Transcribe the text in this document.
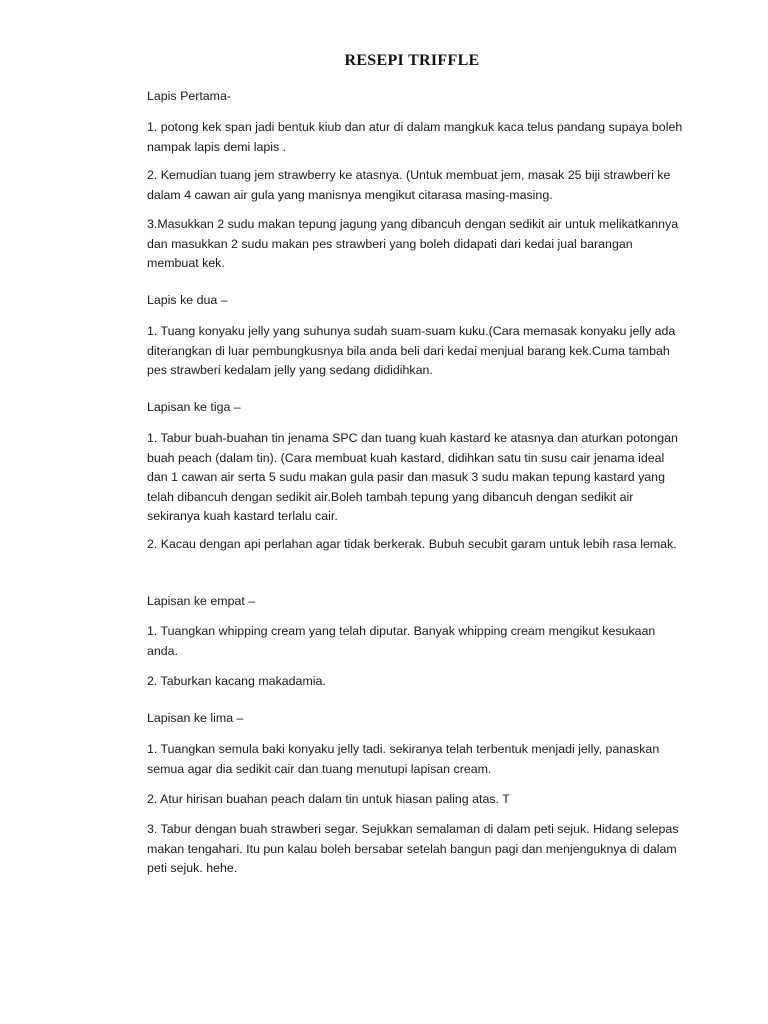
RESEPI TRIFFLE

Lapis Pertama-

1. potong kek span jadi bentuk kiub dan atur di dalam mangkuk kaca telus pandang supaya boleh nampak lapis demi lapis .

2. Kemudian tuang jem strawberry ke atasnya. (Untuk membuat jem, masak 25 biji strawberi ke dalam 4 cawan air gula yang manisnya mengikut citarasa masing-masing.

3.Masukkan 2 sudu makan tepung jagung yang dibancuh dengan sedikit air untuk melikatkannya dan masukkan 2 sudu makan pes strawberi yang boleh didapati dari kedai jual barangan membuat kek.

Lapis ke dua –

1. Tuang konyaku jelly yang suhunya sudah suam-suam kuku.(Cara memasak konyaku jelly ada diterangkan di luar pembungkusnya bila anda beli dari kedai menjual barang kek.Cuma tambah pes strawberi kedalam jelly yang sedang dididihkan.

Lapisan ke tiga –

1. Tabur buah-buahan tin jenama SPC dan tuang kuah kastard ke atasnya dan aturkan potongan buah peach (dalam tin). (Cara membuat kuah kastard, didihkan satu tin susu cair jenama ideal dan 1 cawan air serta 5 sudu makan gula pasir dan masuk 3 sudu makan tepung kastard yang telah dibancuh dengan sedikit air.Boleh tambah tepung yang dibancuh dengan sedikit air sekiranya kuah kastard terlalu cair.

2. Kacau dengan api perlahan agar tidak berkerak. Bubuh secubit garam untuk lebih rasa lemak.

Lapisan ke empat –

1. Tuangkan whipping cream yang telah diputar. Banyak whipping cream mengikut kesukaan anda.

2. Taburkan kacang makadamia.

Lapisan ke lima –

1. Tuangkan semula baki konyaku jelly tadi. sekiranya telah terbentuk menjadi jelly, panaskan semua agar dia sedikit cair dan tuang menutupi lapisan cream.

2. Atur hirisan buahan peach dalam tin untuk hiasan paling atas. T

3. Tabur dengan buah strawberi segar. Sejukkan semalaman di dalam peti sejuk. Hidang selepas makan tengahari. Itu pun kalau boleh bersabar setelah bangun pagi dan menjenguknya di dalam peti sejuk. hehe.
